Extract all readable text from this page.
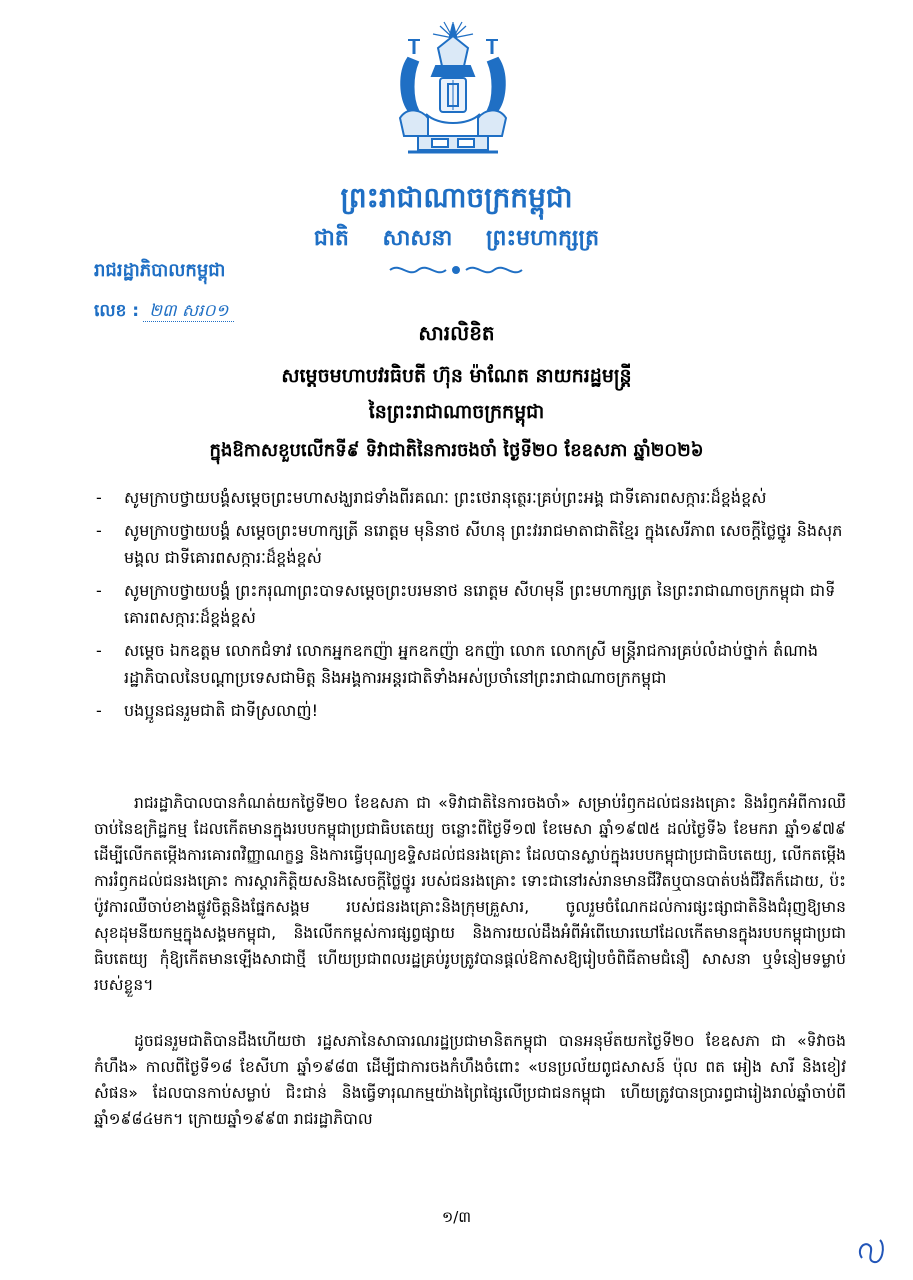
ព្រះរាជាណាចក្រកម្ពុជា
ជាតិ សាសនា ព្រះមហាក្សត្រ
រាជរដ្ឋាភិបាលកម្ពុជា
លេខ : ២៣ សរ០១
សារលិខិត
សម្តេចមហាបវរធិបតី ហ៊ុន ម៉ាណែត នាយករដ្ឋមន្ត្រី
នៃព្រះរាជាណាចក្រកម្ពុជា
ក្នុងឱកាសខួបលើកទី៩ ទិវាជាតិនៃការចងចាំ ថ្ងៃទី២០ ខែឧសភា ឆ្នាំ២០២៦
- សូមក្រាបថ្វាយបង្គំសម្តេចព្រះមហាសង្ឃរាជទាំងពីរគណៈ ព្រះថេរានុត្ថេរៈគ្រប់ព្រះអង្គ ជាទីគោរពសក្ការៈដ៏ខ្ពង់ខ្ពស់
- សូមក្រាបថ្វាយបង្គំ សម្តេចព្រះមហាក្សត្រី នរោត្តម មុនិនាថ សីហនុ ព្រះវររាជមាតាជាតិខ្មែរ ក្នុងសេរីភាព សេចក្តីថ្លៃថ្នូរ និងសុភមង្គល ជាទីគោរពសក្ការៈដ៏ខ្ពង់ខ្ពស់
- សូមក្រាបថ្វាយបង្គំ ព្រះករុណាព្រះបាទសម្តេចព្រះបរមនាថ នរោត្តម សីហមុនី ព្រះមហាក្សត្រ នៃព្រះរាជាណាចក្រកម្ពុជា ជាទីគោរពសក្ការៈដ៏ខ្ពង់ខ្ពស់
- សម្តេច ឯកឧត្តម លោកជំទាវ លោកអ្នកឧកញ៉ា អ្នកឧកញ៉ា ឧកញ៉ា លោក លោកស្រី មន្ត្រីរាជការគ្រប់លំដាប់ថ្នាក់ តំណាងរដ្ឋាភិបាលនៃបណ្តាប្រទេសជាមិត្ត និងអង្គការអន្តរជាតិទាំងអស់ប្រចាំនៅព្រះរាជាណាចក្រកម្ពុជា
- បងប្អូនជនរួមជាតិ ជាទីស្រលាញ់!

រាជរដ្ឋាភិបាលបានកំណត់យកថ្ងៃទី២០ ខែឧសភា ជា «ទិវាជាតិនៃការចងចាំ» សម្រាប់រំឭកដល់ជនរងគ្រោះ និងរំឭកអំពីការឈឺចាប់នៃឧក្រិដ្ឋកម្ម ដែលកើតមានក្នុងរបបកម្ពុជាប្រជាធិបតេយ្យ ចន្លោះពីថ្ងៃទី១៧ ខែមេសា ឆ្នាំ១៩៧៥ ដល់ថ្ងៃទី៦ ខែមករា ឆ្នាំ១៩៧៩ ដើម្បីលើកតម្កើងការគោរពវិញ្ញាណក្ខន្ធ និងការធ្វើបុណ្យឧទ្ទិសដល់ជនរងគ្រោះ ដែលបានស្លាប់ក្នុងរបបកម្ពុជាប្រជាធិបតេយ្យ, លើកតម្កើងការរំឭកដល់ជនរងគ្រោះ ការស្តារកិត្តិយសនិងសេចក្តីថ្លៃថ្នូរ របស់ជនរងគ្រោះ ទោះជានៅរស់រានមានជីវិតឬបានបាត់បង់ជីវិតក៏ដោយ, ប៉ះប៉ូវការឈឺចាប់ខាងផ្លូវចិត្តនិងផ្នែកសង្គម របស់ជនរងគ្រោះនិងក្រុមគ្រួសារ, ចូលរួមចំណែកដល់ការផ្សះផ្សាជាតិនិងជំរុញឱ្យមានសុខដុមនីយកម្មក្នុងសង្គមកម្ពុជា, និងលើកកម្ពស់ការផ្សព្វផ្សាយ និងការយល់ដឹងអំពីអំពើឃោរឃៅដែលកើតមានក្នុងរបបកម្ពុជាប្រជាធិបតេយ្យ កុំឱ្យកើតមានឡើងសាជាថ្មី ហើយប្រជាពលរដ្ឋគ្រប់រូបត្រូវបានផ្តល់ឱកាសឱ្យរៀបចំពិធីតាមជំនឿ សាសនា ឬទំនៀមទម្លាប់របស់ខ្លួន។

ដូចជនរួមជាតិបានដឹងហើយថា រដ្ឋសភានៃសាធារណរដ្ឋប្រជាមានិតកម្ពុជា បានអនុម័តយកថ្ងៃទី២០ ខែឧសភា ជា «ទិវាចងកំហឹង» កាលពីថ្ងៃទី១៨ ខែសីហា ឆ្នាំ១៩៨៣ ដើម្បីជាការចងកំហឹងចំពោះ «បនប្រល័យពូជសាសន៍ ប៉ុល ពត អៀង សារី និងខៀវ សំផន» ដែលបានកាប់សម្លាប់ ជិះជាន់ និងធ្វើទារុណកម្មយ៉ាងព្រៃផ្សៃលើប្រជាជនកម្ពុជា ហើយត្រូវបានប្រារព្ធជារៀងរាល់ឆ្នាំចាប់ពីឆ្នាំ១៩៨៤មក។ ក្រោយឆ្នាំ១៩៩៣ រាជរដ្ឋាភិបាល

១/៣
